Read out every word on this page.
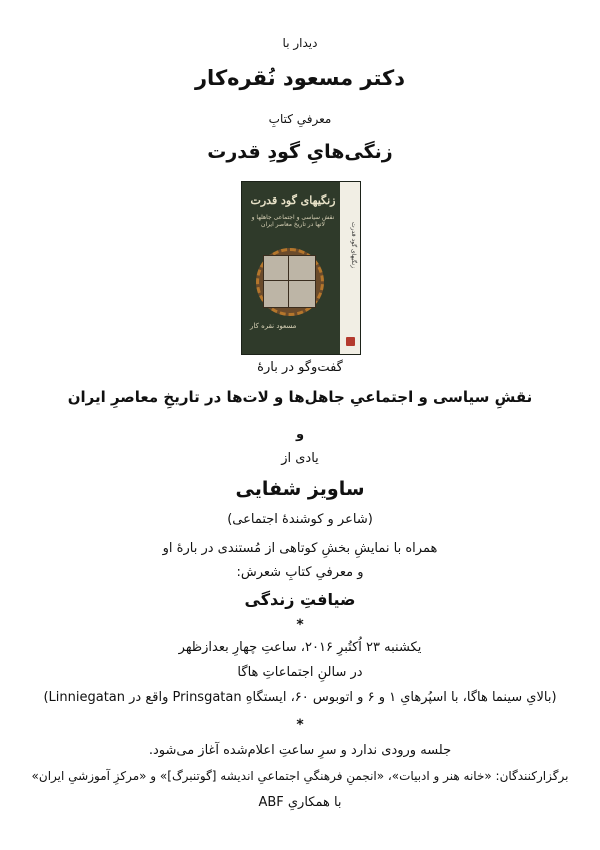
دیدار با
دکتر مسعود نُقره‌کار
معرفیِ کتابِ
زنگی‌هایِ گودِ قدرت
زنگیهای گود قدرت
زنگیهای گود قدرت
نقش سیاسی و اجتماعی جاهلها و لاتها در تاریخ معاصر ایران
مسعود نقره کار
گفت‌وگو در بارهٔ
نقشِ سیاسی و اجتماعیِ جاهل‌ها و لات‌ها در تاریخِ معاصرِ ایران
و
یادی از
ساویز شفایی
(شاعر و کوشندهٔ اجتماعی)
همراه با نمایشِ بخشِ کوتاهی از مُستندی در بارهٔ او
و معرفیِ کتابِ شعرش:
ضیافتِ زندگی
*
یکشنبه ۲۳ اُکتُبرِ ۲۰۱۶، ساعتِ چهارِ بعدازظهر
در سالنِ اجتماعاتِ هاگا
(بالایِ سینما هاگا، با اسپُرهایِ ۱ و ۶ و اتوبوس ۶۰، ایستگاهِ Prinsgatan واقع در Linniegatan)
*
جلسه ورودی ندارد و سرِ ساعتِ اعلام‌شده آغاز می‌شود.
برگزارکنندگان: «خانه هنر و ادبیات»، «انجمنِ فرهنگیِ اجتماعیِ اندیشه [گوتنبرگ]» و «مرکزِ آموزشیِ ایران»
با همکاریِ ABF
